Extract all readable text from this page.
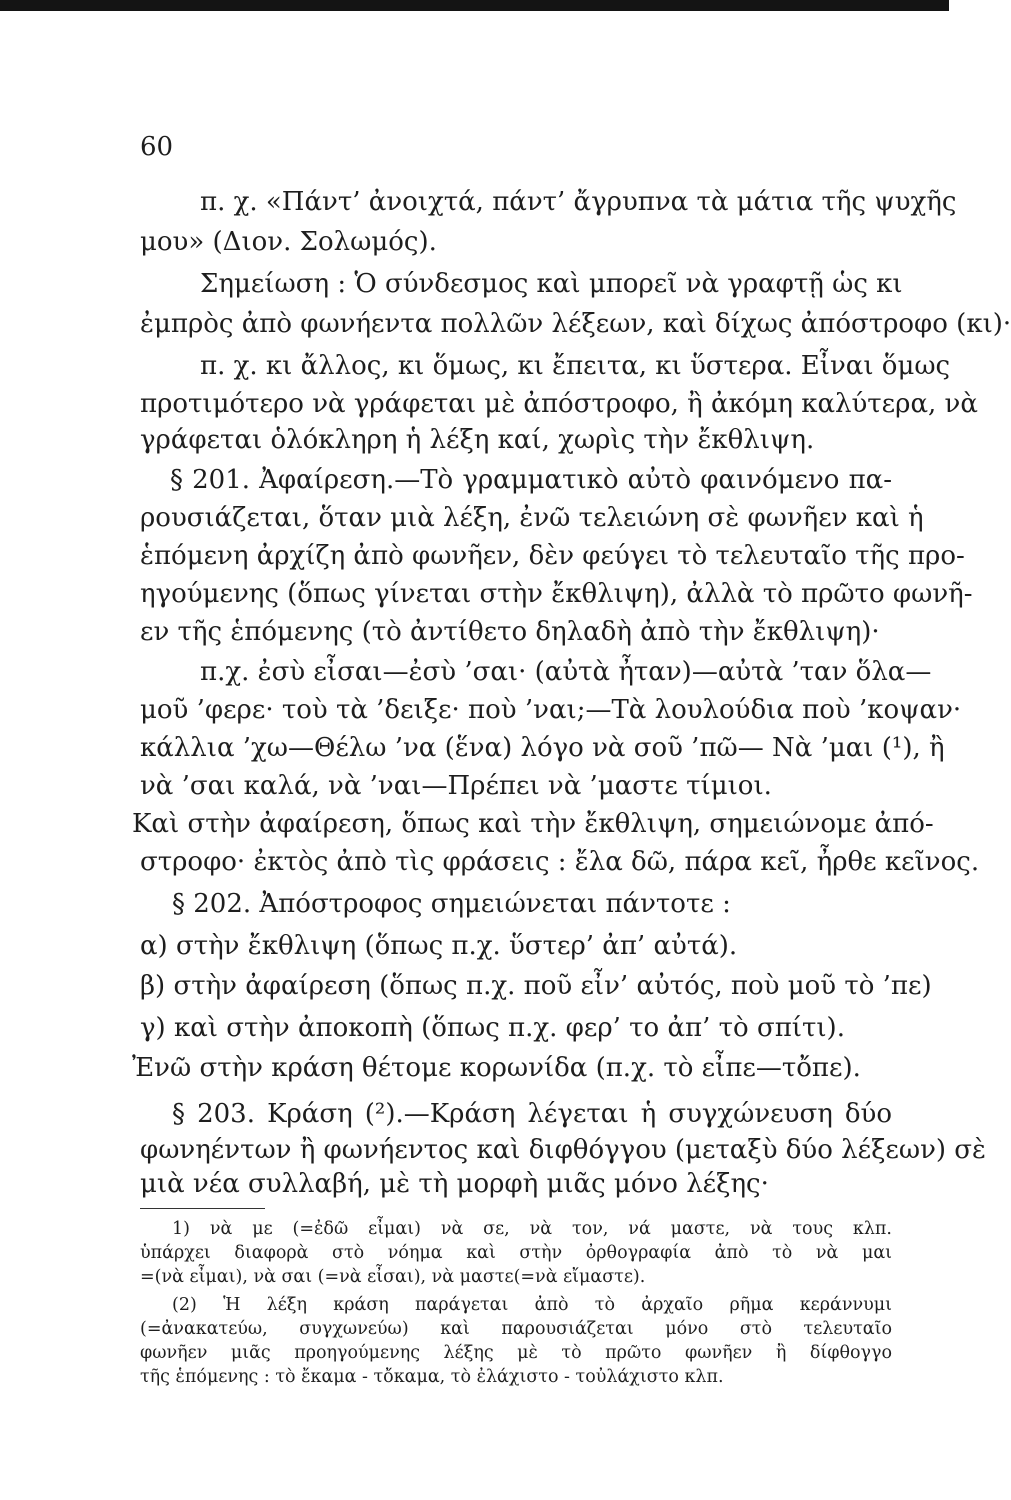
60
π. χ. «Πάντ’ ἀνοιχτά, πάντ’ ἄγρυπνα τὰ μάτια τῆς ψυχῆς
μου» (Διον. Σολωμός).
Σημείωση : Ὁ σύνδεσμος καὶ μπορεῖ νὰ γραφτῇ ὡς κι
ἐμπρὸς ἀπὸ φωνήεντα πολλῶν λέξεων, καὶ δίχως ἀπόστροφο (κι)·
π. χ. κι ἄλλος, κι ὅμως, κι ἔπειτα, κι ὕστερα. Εἶναι ὅμως
προτιμότερο νὰ γράφεται μὲ ἀπόστροφο, ἢ ἀκόμη καλύτερα, νὰ
γράφεται ὁλόκληρη ἡ λέξη καί, χωρὶς τὴν ἔκθλιψη.
§ 201. Ἀφαίρεση.—Τὸ γραμματικὸ αὐτὸ φαινόμενο πα-
ρουσιάζεται, ὅταν μιὰ λέξη, ἐνῶ τελειώνη σὲ φωνῆεν καὶ ἡ
ἑπόμενη ἀρχίζη ἀπὸ φωνῆεν, δὲν φεύγει τὸ τελευταῖο τῆς προ-
ηγούμενης (ὅπως γίνεται στὴν ἔκθλιψη), ἀλλὰ τὸ πρῶτο φωνῆ-
εν τῆς ἑπόμενης (τὸ ἀντίθετο δηλαδὴ ἀπὸ τὴν ἔκθλιψη)·
π.χ. ἐσὺ εἶσαι—ἐσὺ ’σαι· (αὐτὰ ἦταν)—αὐτὰ ’ταν ὅλα—
μοῦ ’φερε· τοὺ τὰ ’δειξε· ποὺ ’ναι;—Τὰ λουλούδια ποὺ ’κοψαν·
κάλλια ’χω—Θέλω ’να (ἕνα) λόγο νὰ σοῦ ’πῶ— Νὰ ’μαι (¹), ἢ
νὰ ’σαι καλά, νὰ ’ναι—Πρέπει νὰ ’μαστε τίμιοι.
Καὶ στὴν ἀφαίρεση, ὅπως καὶ τὴν ἔκθλιψη, σημειώνομε ἀπό-
στροφο· ἐκτὸς ἀπὸ τὶς φράσεις : ἔλα δῶ, πάρα κεῖ, ἦρθε κεῖνος.
§ 202. Ἀπόστροφος σημειώνεται πάντοτε :
α) στὴν ἔκθλιψη (ὅπως π.χ. ὕστερ’ ἀπ’ αὐτά).
β) στὴν ἀφαίρεση (ὅπως π.χ. ποῦ εἶν’ αὐτός, ποὺ μοῦ τὸ ’πε)
γ) καὶ στὴν ἀποκοπὴ (ὅπως π.χ. φερ’ το ἀπ’ τὸ σπίτι).
Ἐνῶ στὴν κράση θέτομε κορωνίδα (π.χ. τὸ εἶπε—τὄπε).
§ 203. Κράση (²).—Κράση λέγεται ἡ συγχώνευση δύο
φωνηέντων ἢ φωνήεντος καὶ διφθόγγου (μεταξὺ δύο λέξεων) σὲ
μιὰ νέα συλλαβή, μὲ τὴ μορφὴ μιᾶς μόνο λέξης·
1) νὰ με (=ἐδῶ εἶμαι) νὰ σε, νὰ τον, νά μαστε, νὰ τους κλπ.
ὑπάρχει διαφορὰ στὸ νόημα καὶ στὴν ὀρθογραφία ἀπὸ τὸ νὰ μαι
=(νὰ εἶμαι), νὰ σαι (=νὰ εἶσαι), νὰ μαστε(=νὰ εἴμαστε).
(2) Ἡ λέξη κράση παράγεται ἀπὸ τὸ ἀρχαῖο ρῆμα κεράννυμι
(=ἀνακατεύω, συγχωνεύω) καὶ παρουσιάζεται μόνο στὸ τελευταῖο
φωνῆεν μιᾶς προηγούμενης λέξης μὲ τὸ πρῶτο φωνῆεν ἢ δίφθογγο
τῆς ἑπόμενης : τὸ ἔκαμα - τὄκαμα, τὸ ἐλάχιστο - τοὐλάχιστο κλπ.
